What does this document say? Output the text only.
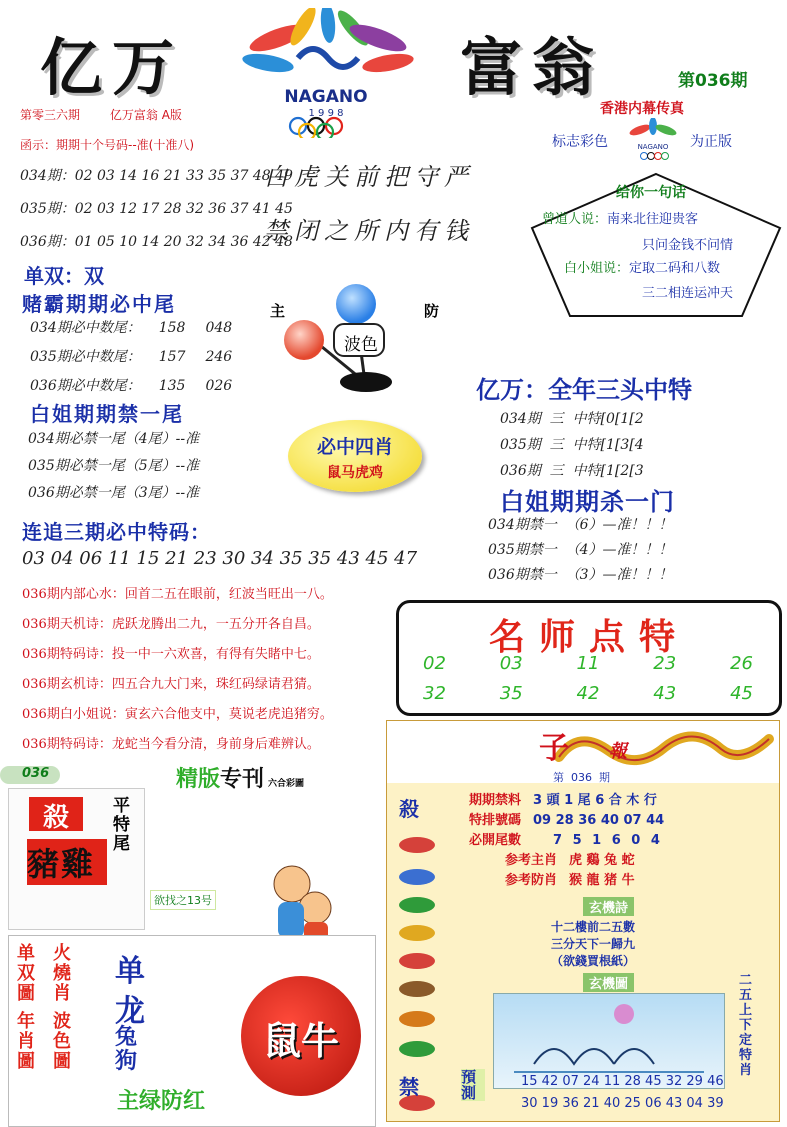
亿万	富翁
NAGANO
1 9 9 8
第036期
香港内幕传真
标志彩色	NAGANO 为正版
第零三六期 亿万富翁 A版
函示：期期十个号码--准(十准八)
034期：02 03 14 16 21 33 35 37 48 49
035期：02 03 12 17 28 32 36 37 41 45
036期：01 05 10 14 20 32 34 36 42 48
白虎关前把守严
禁闭之所内有钱
给你一句话
曾道人说：南来北往迎贵客
只问金钱不问情
白小姐说：定取二码和八数
三二相连运冲天
单双：双
赌霸期期必中尾
034期必中数尾： 158 048
035期必中数尾： 157 246
036期必中数尾： 135 026
主	防
波色
白姐期期禁一尾
034期必禁一尾（4尾）--准
035期必禁一尾（5尾）--准
036期必禁一尾（3尾）--准
必中四肖
鼠马虎鸡
亿万：全年三头中特
034期  三  中特[0[1[2
035期  三  中特[1[3[4
036期  三  中特[1[2[3
白姐期期杀一门
034期禁一  （6）—准！！！
035期禁一  （4）—准！！！
036期禁一  （3）—准！！！
连追三期必中特码：
03 04 06 11 15 21 23 30 34 35 35 43 45 47
036期内部心水：回首二五在眼前，红波当旺出一八。
036期天机诗：虎跃龙腾出二九，一五分开各自昌。
036期特码诗：投一中一六欢喜，有得有失睹中七。
036期玄机诗：四五合九大门来，珠红码绿请君猜。
036期白小姐说：寅玄六合他支中，莫说老虎追猪穷。
036期特码诗：龙蛇当今看分清，身前身后难辨认。
名师点特
02	03	11	23	26
32	35	42	43	45
036	精版专刊 六合彩圖
殺
豬雞
平特尾
欲找之13号
单双圖
火燒肖
年肖圖
波色圖
单
龙
兔狗
主绿防红
鼠牛
子 報
第  036  期
殺
禁
期期禁料 3 頭 1 尾 6 合 木 行
特排號碼 09 28 36 40 07 44
必開尾數 7 5 1 6 0 4
参考主肖 虎 鷄 兔 蛇
参考防肖 猴 龍 猪 牛
玄機詩
十二樓前二五數
三分天下一歸九
（欲錢買根紙）
玄機圖	二五上下定特肖
預測
15 42 07 24 11 28 45 32 29 46
30 19 36 21 40 25 06 43 04 39
